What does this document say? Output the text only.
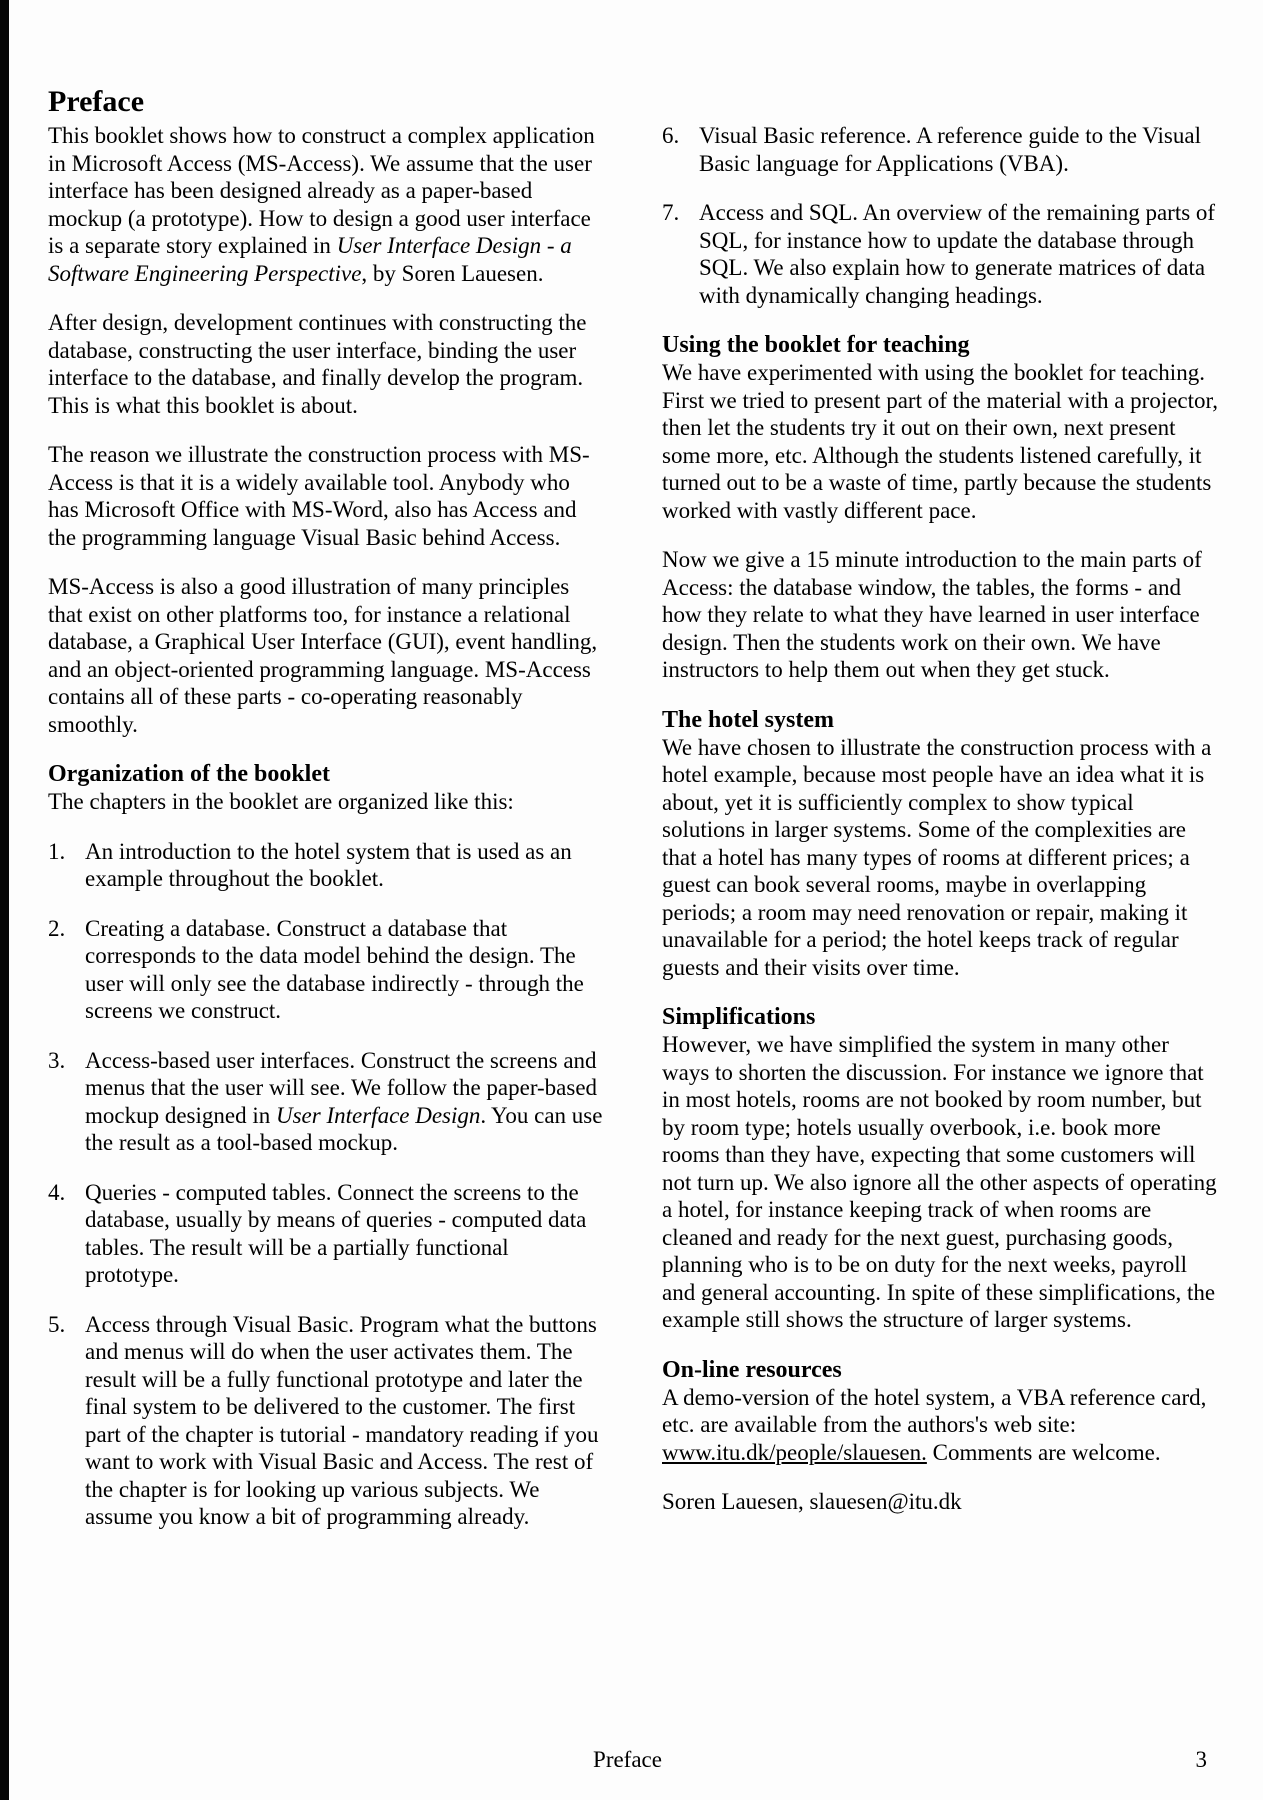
Preface

This booklet shows how to construct a complex application in Microsoft Access (MS-Access). We assume that the user interface has been designed already as a paper-based mockup (a prototype). How to design a good user interface is a separate story explained in User Interface Design - a Software Engineering Perspective, by Soren Lauesen.

After design, development continues with constructing the database, constructing the user interface, binding the user interface to the database, and finally develop the program. This is what this booklet is about.

The reason we illustrate the construction process with MS-Access is that it is a widely available tool. Anybody who has Microsoft Office with MS-Word, also has Access and the programming language Visual Basic behind Access.

MS-Access is also a good illustration of many principles that exist on other platforms too, for instance a relational database, a Graphical User Interface (GUI), event handling, and an object-oriented programming language. MS-Access contains all of these parts - co-operating reasonably smoothly.

Organization of the booklet

The chapters in the booklet are organized like this:

1. An introduction to the hotel system that is used as an example throughout the booklet.
2. Creating a database. Construct a database that corresponds to the data model behind the design. The user will only see the database indirectly - through the screens we construct.
3. Access-based user interfaces. Construct the screens and menus that the user will see. We follow the paper-based mockup designed in User Interface Design. You can use the result as a tool-based mockup.
4. Queries - computed tables. Connect the screens to the database, usually by means of queries - computed data tables. The result will be a partially functional prototype.
5. Access through Visual Basic. Program what the buttons and menus will do when the user activates them. The result will be a fully functional prototype and later the final system to be delivered to the customer. The first part of the chapter is tutorial - mandatory reading if you want to work with Visual Basic and Access. The rest of the chapter is for looking up various subjects. We assume you know a bit of programming already.
6. Visual Basic reference. A reference guide to the Visual Basic language for Applications (VBA).
7. Access and SQL. An overview of the remaining parts of SQL, for instance how to update the database through SQL. We also explain how to generate matrices of data with dynamically changing headings.
Using the booklet for teaching

We have experimented with using the booklet for teaching. First we tried to present part of the material with a projector, then let the students try it out on their own, next present some more, etc. Although the students listened carefully, it turned out to be a waste of time, partly because the students worked with vastly different pace.

Now we give a 15 minute introduction to the main parts of Access: the database window, the tables, the forms - and how they relate to what they have learned in user interface design. Then the students work on their own. We have instructors to help them out when they get stuck.

The hotel system

We have chosen to illustrate the construction process with a hotel example, because most people have an idea what it is about, yet it is sufficiently complex to show typical solutions in larger systems. Some of the complexities are that a hotel has many types of rooms at different prices; a guest can book several rooms, maybe in overlapping periods; a room may need renovation or repair, making it unavailable for a period; the hotel keeps track of regular guests and their visits over time.

Simplifications

However, we have simplified the system in many other ways to shorten the discussion. For instance we ignore that in most hotels, rooms are not booked by room number, but by room type; hotels usually overbook, i.e. book more rooms than they have, expecting that some customers will not turn up. We also ignore all the other aspects of operating a hotel, for instance keeping track of when rooms are cleaned and ready for the next guest, purchasing goods, planning who is to be on duty for the next weeks, payroll and general accounting. In spite of these simplifications, the example still shows the structure of larger systems.

On-line resources

A demo-version of the hotel system, a VBA reference card, etc. are available from the authors's web site: www.itu.dk/people/slauesen. Comments are welcome.

Soren Lauesen, slauesen@itu.dk

Preface	3
